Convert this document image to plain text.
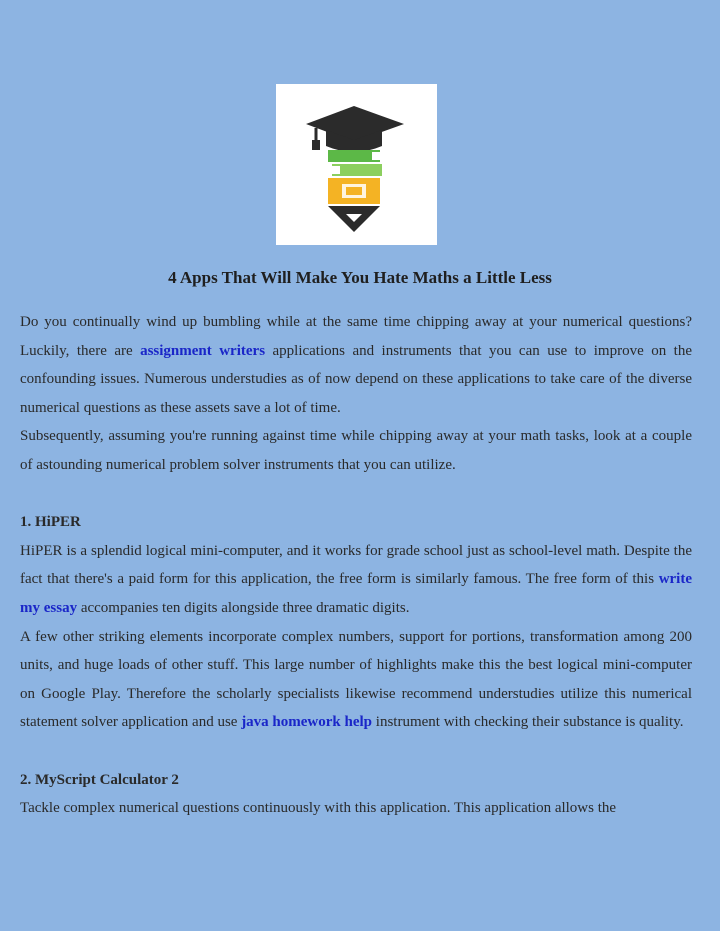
4 Apps That Will Make You Hate Maths a Little Less

Do you continually wind up bumbling while at the same time chipping away at your numerical questions? Luckily, there are assignment writers applications and instruments that you can use to improve on the confounding issues. Numerous understudies as of now depend on these applications to take care of the diverse numerical questions as these assets save a lot of time.

Subsequently, assuming you're running against time while chipping away at your math tasks, look at a couple of astounding numerical problem solver instruments that you can utilize.

1. HiPER

HiPER is a splendid logical mini-computer, and it works for grade school just as school-level math. Despite the fact that there's a paid form for this application, the free form is similarly famous. The free form of this write my essay accompanies ten digits alongside three dramatic digits.

A few other striking elements incorporate complex numbers, support for portions, transformation among 200 units, and huge loads of other stuff. This large number of highlights make this the best logical mini-computer on Google Play. Therefore the scholarly specialists likewise recommend understudies utilize this numerical statement solver application and use java homework help instrument with checking their substance is quality.

2. MyScript Calculator 2

Tackle complex numerical questions continuously with this application. This application allows the
